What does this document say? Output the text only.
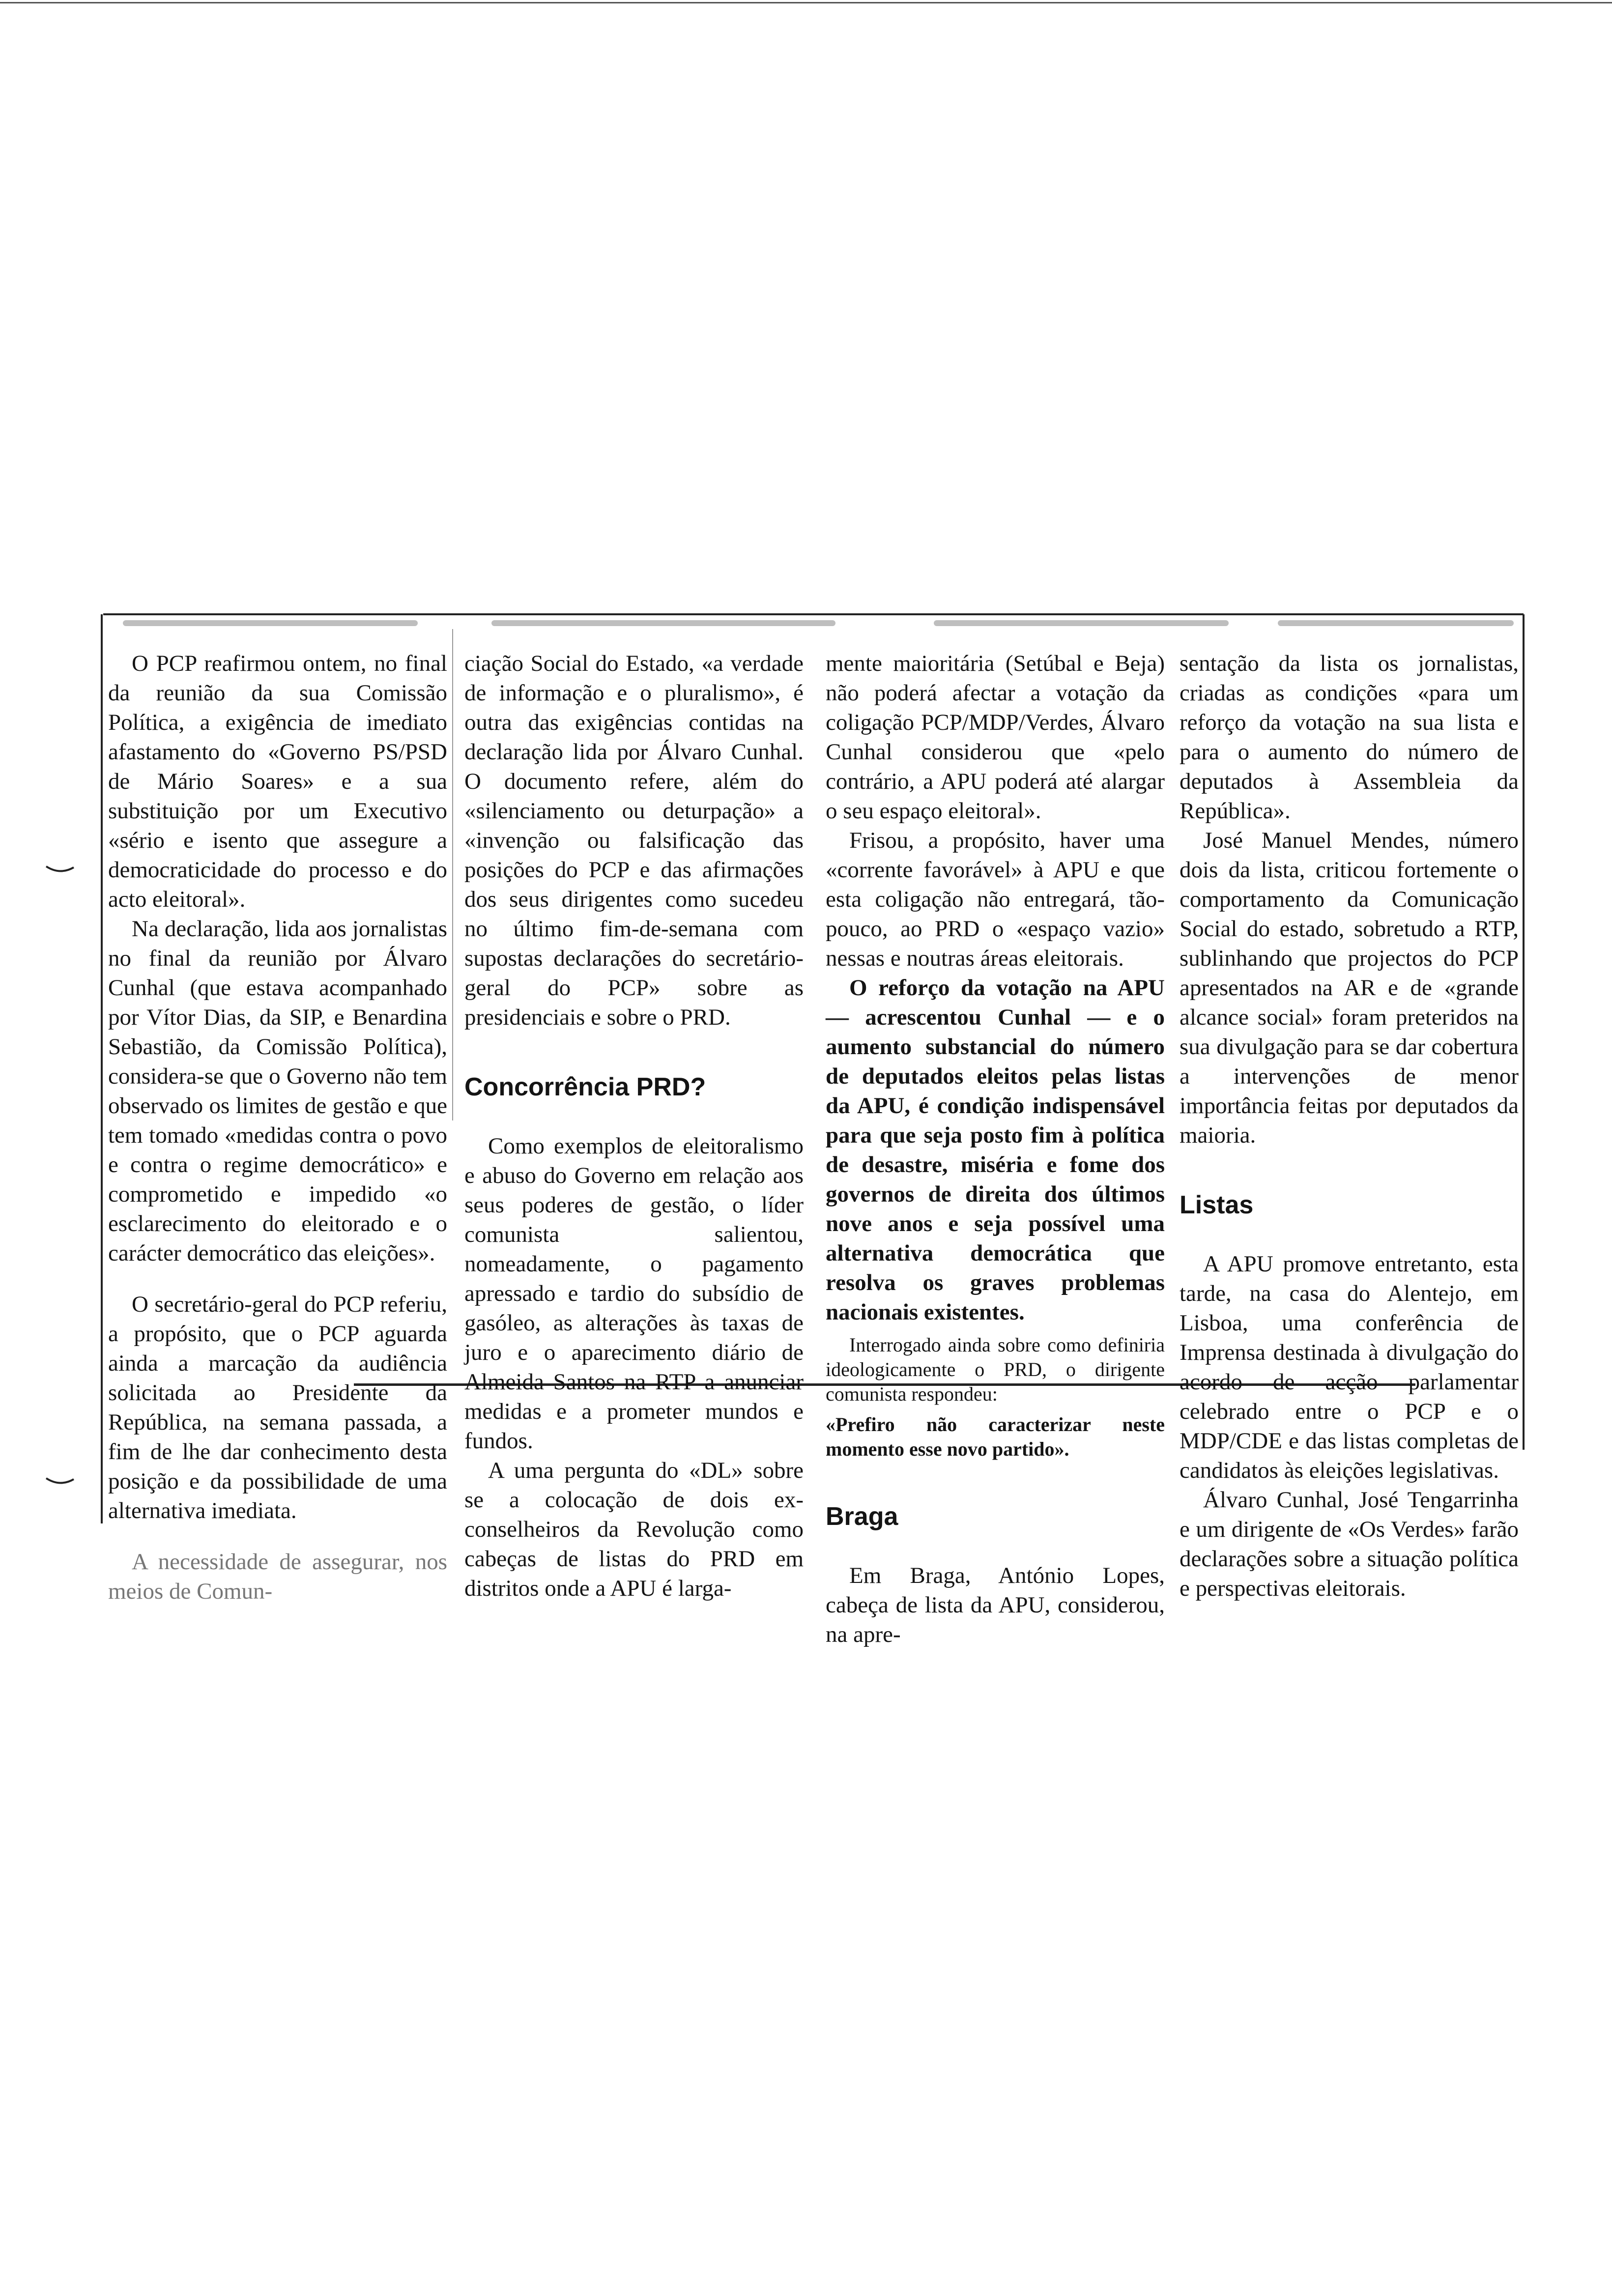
O PCP reafirmou ontem, no final da reunião da sua Comissão Política, a exigência de imediato afastamento do «Governo PS/PSD de Mário Soares» e a sua substituição por um Executivo «sério e isento que assegure a democraticidade do processo e do acto eleitoral».

Na declaração, lida aos jornalistas no final da reunião por Álvaro Cunhal (que estava acompanhado por Vítor Dias, da SIP, e Benardina Sebastião, da Comissão Política), considera-se que o Governo não tem observado os limites de gestão e que tem tomado «medidas contra o povo e contra o regime democrático» e comprometido e impedido «o esclarecimento do eleitorado e o carácter democrático das eleições».

O secretário-geral do PCP referiu, a propósito, que o PCP aguarda ainda a marcação da audiência solicitada ao Presidente da República, na semana passada, a fim de lhe dar conhecimento desta posição e da possibilidade de uma alternativa imediata.

A necessidade de assegurar, nos meios de Comun-

ciação Social do Estado, «a verdade de informação e o pluralismo», é outra das exigências contidas na declaração lida por Álvaro Cunhal. O documento refere, além do «silenciamento ou deturpação» a «invenção ou falsificação das posições do PCP e das afirmações dos seus dirigentes como sucedeu no último fim-de-semana com supostas declarações do secretário-geral do PCP» sobre as presidenciais e sobre o PRD.

Concorrência PRD?

Como exemplos de eleitoralismo e abuso do Governo em relação aos seus poderes de gestão, o líder comunista salientou, nomeadamente, o pagamento apressado e tardio do subsídio de gasóleo, as alterações às taxas de juro e o aparecimento diário de Almeida Santos na RTP a anunciar medidas e a prometer mundos e fundos.

A uma pergunta do «DL» sobre se a colocação de dois ex-conselheiros da Revolução como cabeças de listas do PRD em distritos onde a APU é larga-

mente maioritária (Setúbal e Beja) não poderá afectar a votação da coligação PCP/MDP/Verdes, Álvaro Cunhal considerou que «pelo contrário, a APU poderá até alargar o seu espaço eleitoral».

Frisou, a propósito, haver uma «corrente favorável» à APU e que esta coligação não entregará, tão-pouco, ao PRD o «espaço vazio» nessas e noutras áreas eleitorais.

O reforço da votação na APU — acrescentou Cunhal — e o aumento substancial do número de deputados eleitos pelas listas da APU, é condição indispensável para que seja posto fim à política de desastre, miséria e fome dos governos de direita dos últimos nove anos e seja possível uma alternativa democrática que resolva os graves problemas nacionais existentes.

Interrogado ainda sobre como definiria ideologicamente o PRD, o dirigente comunista respondeu:

«Prefiro não caracterizar neste momento esse novo partido».

Braga

Em Braga, António Lopes, cabeça de lista da APU, considerou, na apre-

sentação da lista os jornalistas, criadas as condições «para um reforço da votação na sua lista e para o aumento do número de deputados à Assembleia da República».

José Manuel Mendes, número dois da lista, criticou fortemente o comportamento da Comunicação Social do estado, sobretudo a RTP, sublinhando que projectos do PCP apresentados na AR e de «grande alcance social» foram preteridos na sua divulgação para se dar cobertura a intervenções de menor importância feitas por deputados da maioria.

Listas

A APU promove entretanto, esta tarde, na casa do Alentejo, em Lisboa, uma conferência de Imprensa destinada à divulgação do acordo de acção parlamentar celebrado entre o PCP e o MDP/CDE e das listas completas de candidatos às eleições legislativas.

Álvaro Cunhal, José Tengarrinha e um dirigente de «Os Verdes» farão declarações sobre a situação política e perspectivas eleitorais.
